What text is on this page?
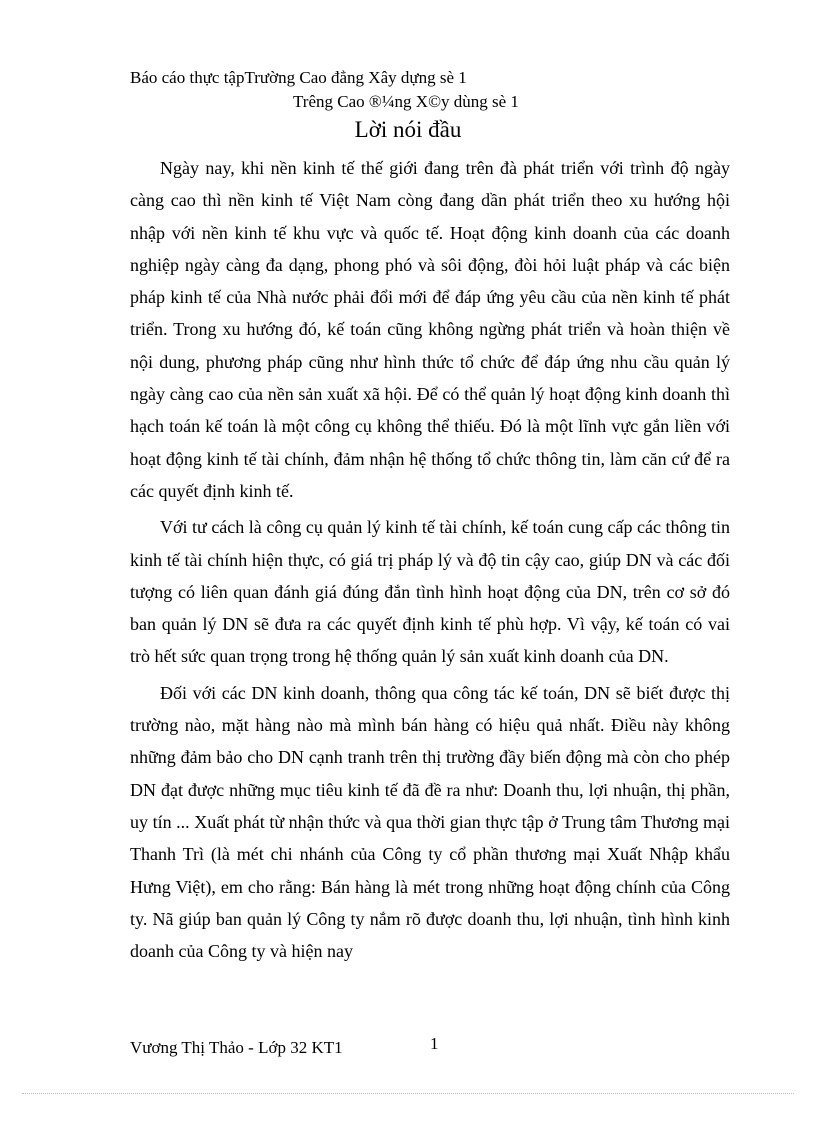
Báo cáo thực tậpTrường Cao đẳng Xây dựng sè 1
Trêng Cao ®¼ng X©y dùng sè 1
Lời nói đầu

Ngày nay, khi nền kinh tế thế giới đang trên đà phát triển với trình độ ngày càng cao thì nền kinh tế Việt Nam còng đang dần phát triển theo xu hướng hội nhập với nền kinh tế khu vực và quốc tế. Hoạt động kinh doanh của các doanh nghiệp ngày càng đa dạng, phong phó và sôi động, đòi hỏi luật pháp và các biện pháp kinh tế của Nhà nước phải đổi mới để đáp ứng yêu cầu của nền kinh tế phát triển. Trong xu hướng đó, kế toán cũng không ngừng phát triển và hoàn thiện về nội dung, phương pháp cũng như hình thức tổ chức để đáp ứng nhu cầu quản lý ngày càng cao của nền sản xuất xã hội. Để có thể quản lý hoạt động kinh doanh thì hạch toán kế toán là một công cụ không thể thiếu. Đó là một lĩnh vực gắn liền với hoạt động kinh tế tài chính, đảm nhận hệ thống tổ chức thông tin, làm căn cứ để ra các quyết định kinh tế.

Với tư cách là công cụ quản lý kinh tế tài chính, kế toán cung cấp các thông tin kinh tế tài chính hiện thực, có giá trị pháp lý và độ tin cậy cao, giúp DN và các đối tượng có liên quan đánh giá đúng đắn tình hình hoạt động của DN, trên cơ sở đó ban quản lý DN sẽ đưa ra các quyết định kinh tế phù hợp. Vì vậy, kế toán có vai trò hết sức quan trọng trong hệ thống quản lý sản xuất kinh doanh của DN.

Đối với các DN kinh doanh, thông qua công tác kế toán, DN sẽ biết được thị trường nào, mặt hàng nào mà mình bán hàng có hiệu quả nhất. Điều này không những đảm bảo cho DN cạnh tranh trên thị trường đầy biến động mà còn cho phép DN đạt được những mục tiêu kinh tế đã đề ra như: Doanh thu, lợi nhuận, thị phần, uy tín ... Xuất phát từ nhận thức và qua thời gian thực tập ở Trung tâm Thương mại Thanh Trì (là mét chi nhánh của Công ty cổ phần thương mại Xuất Nhập khẩu Hưng Việt), em cho rằng: Bán hàng là mét trong những hoạt động chính của Công ty. Nã giúp ban quản lý Công ty nắm rõ được doanh thu, lợi nhuận, tình hình kinh doanh của Công ty và hiện nay

Vương Thị Thảo - Lớp 32 KT1	1
